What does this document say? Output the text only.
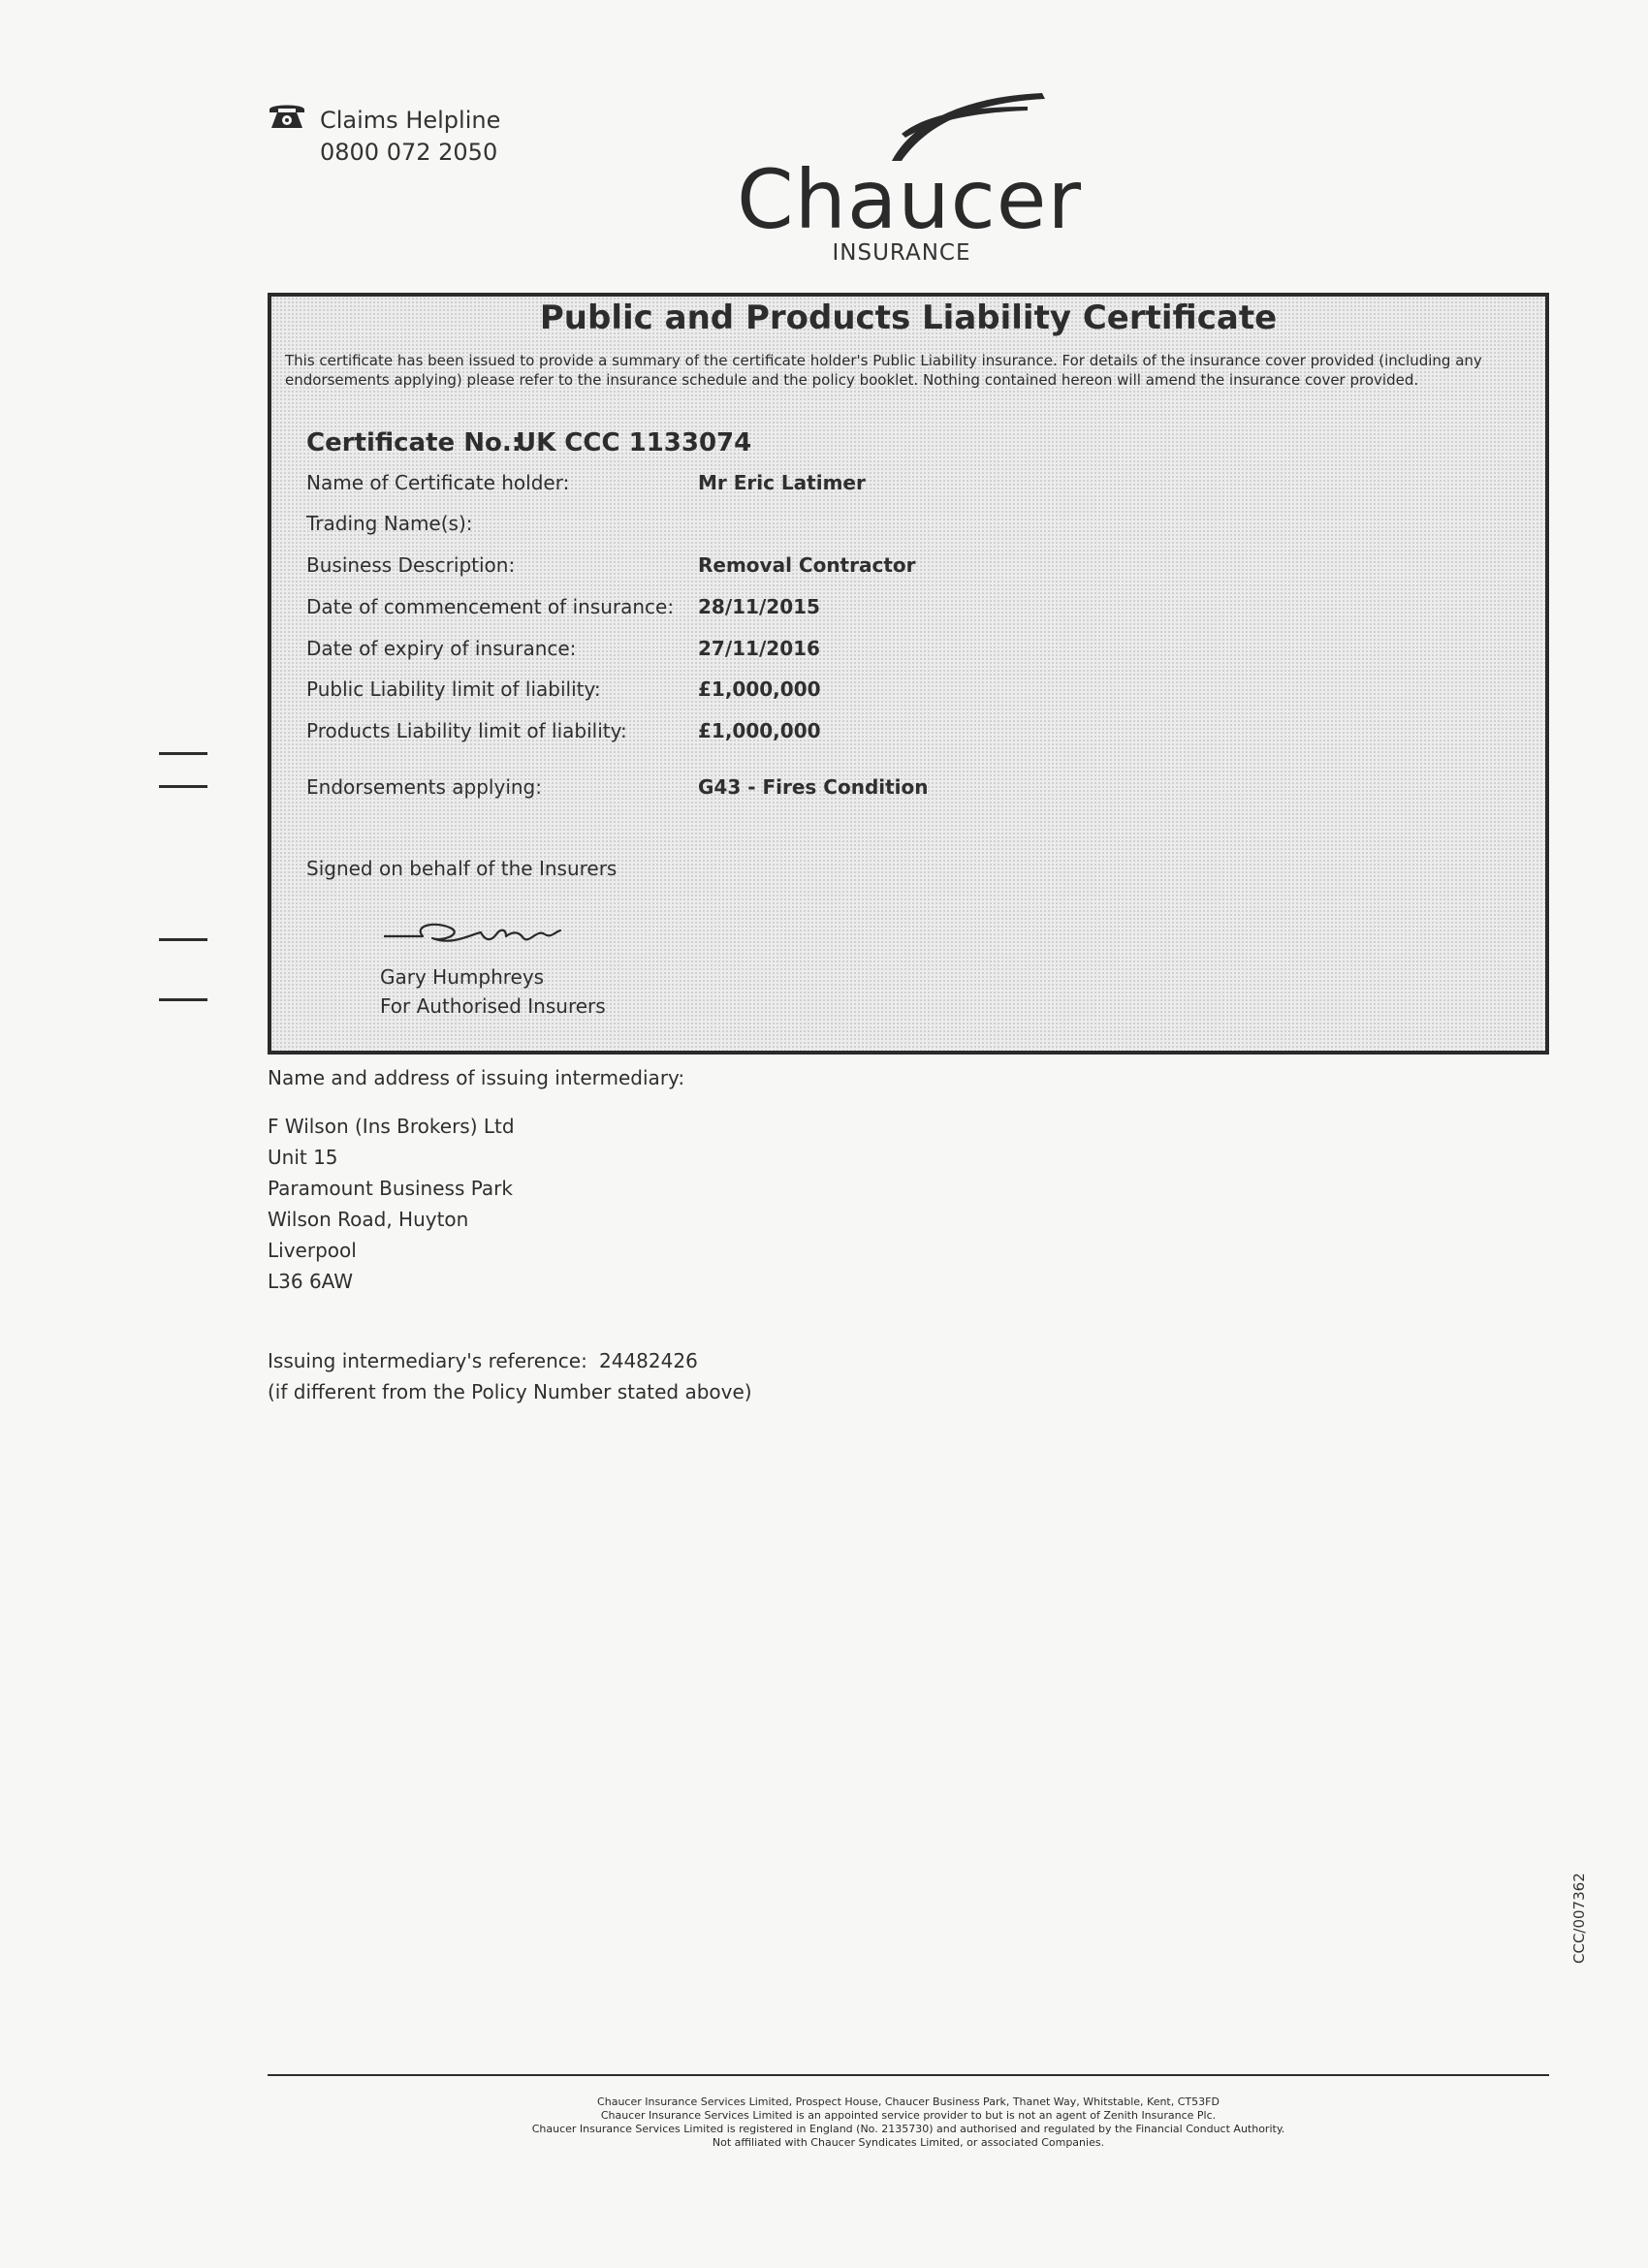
Claims Helpline
0800 072 2050	Chaucer
INSURANCE
Public and Products Liability Certificate
This certificate has been issued to provide a summary of the certificate holder's Public Liability insurance. For details of the insurance cover provided (including any endorsements applying) please refer to the insurance schedule and the policy booklet. Nothing contained hereon will amend the insurance cover provided.
Certificate No.:
UK CCC 1133074
Name of Certificate holder:	Mr Eric Latimer
Trading Name(s):
Business Description:	Removal Contractor
Date of commencement of insurance: 28/11/2015
Date of expiry of insurance:	27/11/2016
Public Liability limit of liability:	£1,000,000
Products Liability limit of liability:	£1,000,000
Endorsements applying:	G43 - Fires Condition
Signed on behalf of the Insurers
Gary Humphreys
For Authorised Insurers
Name and address of issuing intermediary:
F Wilson (Ins Brokers) Ltd
Unit 15
Paramount Business Park
Wilson Road, Huyton
Liverpool
L36 6AW
Issuing intermediary's reference: 24482426
(if different from the Policy Number stated above)
CCC/007362
Chaucer Insurance Services Limited, Prospect House, Chaucer Business Park, Thanet Way, Whitstable, Kent, CT53FD
Chaucer Insurance Services Limited is an appointed service provider to but is not an agent of Zenith Insurance Plc.
Chaucer Insurance Services Limited is registered in England (No. 2135730) and authorised and regulated by the Financial Conduct Authority.
Not affiliated with Chaucer Syndicates Limited, or associated Companies.
